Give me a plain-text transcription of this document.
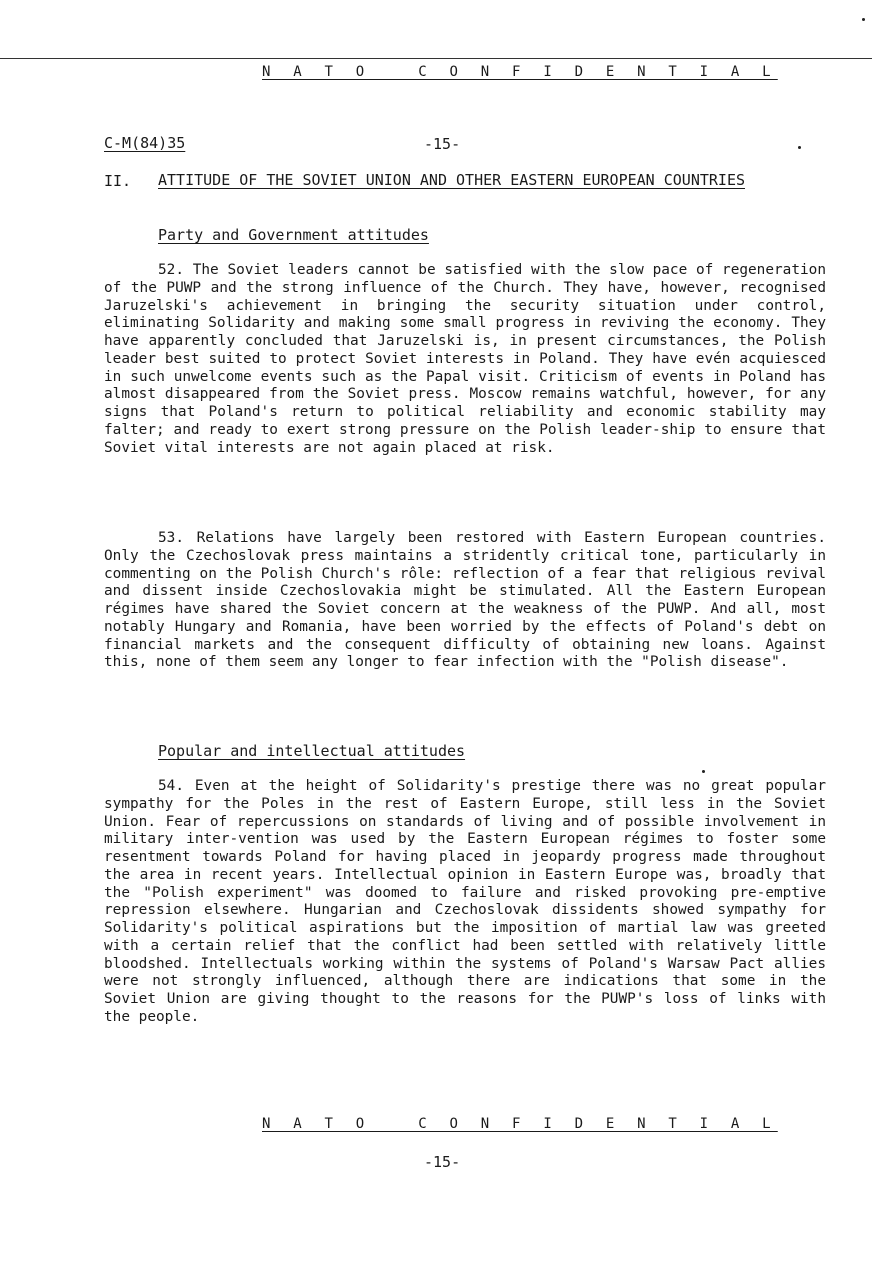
N A T O   C O N F I D E N T I A L
C-M(84)35	-15-
II. ATTITUDE OF THE SOVIET UNION AND OTHER EASTERN EUROPEAN COUNTRIES
Party and Government attitudes

52. The Soviet leaders cannot be satisfied with the slow pace of regeneration of the PUWP and the strong influence of the Church. They have, however, recognised Jaruzelski's achievement in bringing the security situation under control, eliminating Solidarity and making some small progress in reviving the economy. They have apparently concluded that Jaruzelski is, in present circumstances, the Polish leader best suited to protect Soviet interests in Poland. They have evén acquiesced in such unwelcome events such as the Papal visit. Criticism of events in Poland has almost disappeared from the Soviet press. Moscow remains watchful, however, for any signs that Poland's return to political reliability and economic stability may falter; and ready to exert strong pressure on the Polish leader-ship to ensure that Soviet vital interests are not again placed at risk.

53. Relations have largely been restored with Eastern European countries. Only the Czechoslovak press maintains a stridently critical tone, particularly in commenting on the Polish Church's rôle: reflection of a fear that religious revival and dissent inside Czechoslovakia might be stimulated. All the Eastern European régimes have shared the Soviet concern at the weakness of the PUWP. And all, most notably Hungary and Romania, have been worried by the effects of Poland's debt on financial markets and the consequent difficulty of obtaining new loans. Against this, none of them seem any longer to fear infection with the "Polish disease".

Popular and intellectual attitudes

54. Even at the height of Solidarity's prestige there was no great popular sympathy for the Poles in the rest of Eastern Europe, still less in the Soviet Union. Fear of repercussions on standards of living and of possible involvement in military inter-vention was used by the Eastern European régimes to foster some resentment towards Poland for having placed in jeopardy progress made throughout the area in recent years. Intellectual opinion in Eastern Europe was, broadly that the "Polish experiment" was doomed to failure and risked provoking pre-emptive repression elsewhere. Hungarian and Czechoslovak dissidents showed sympathy for Solidarity's political aspirations but the imposition of martial law was greeted with a certain relief that the conflict had been settled with relatively little bloodshed. Intellectuals working within the systems of Poland's Warsaw Pact allies were not strongly influenced, although there are indications that some in the Soviet Union are giving thought to the reasons for the PUWP's loss of links with the people.

N A T O   C O N F I D E N T I A L
-15-
